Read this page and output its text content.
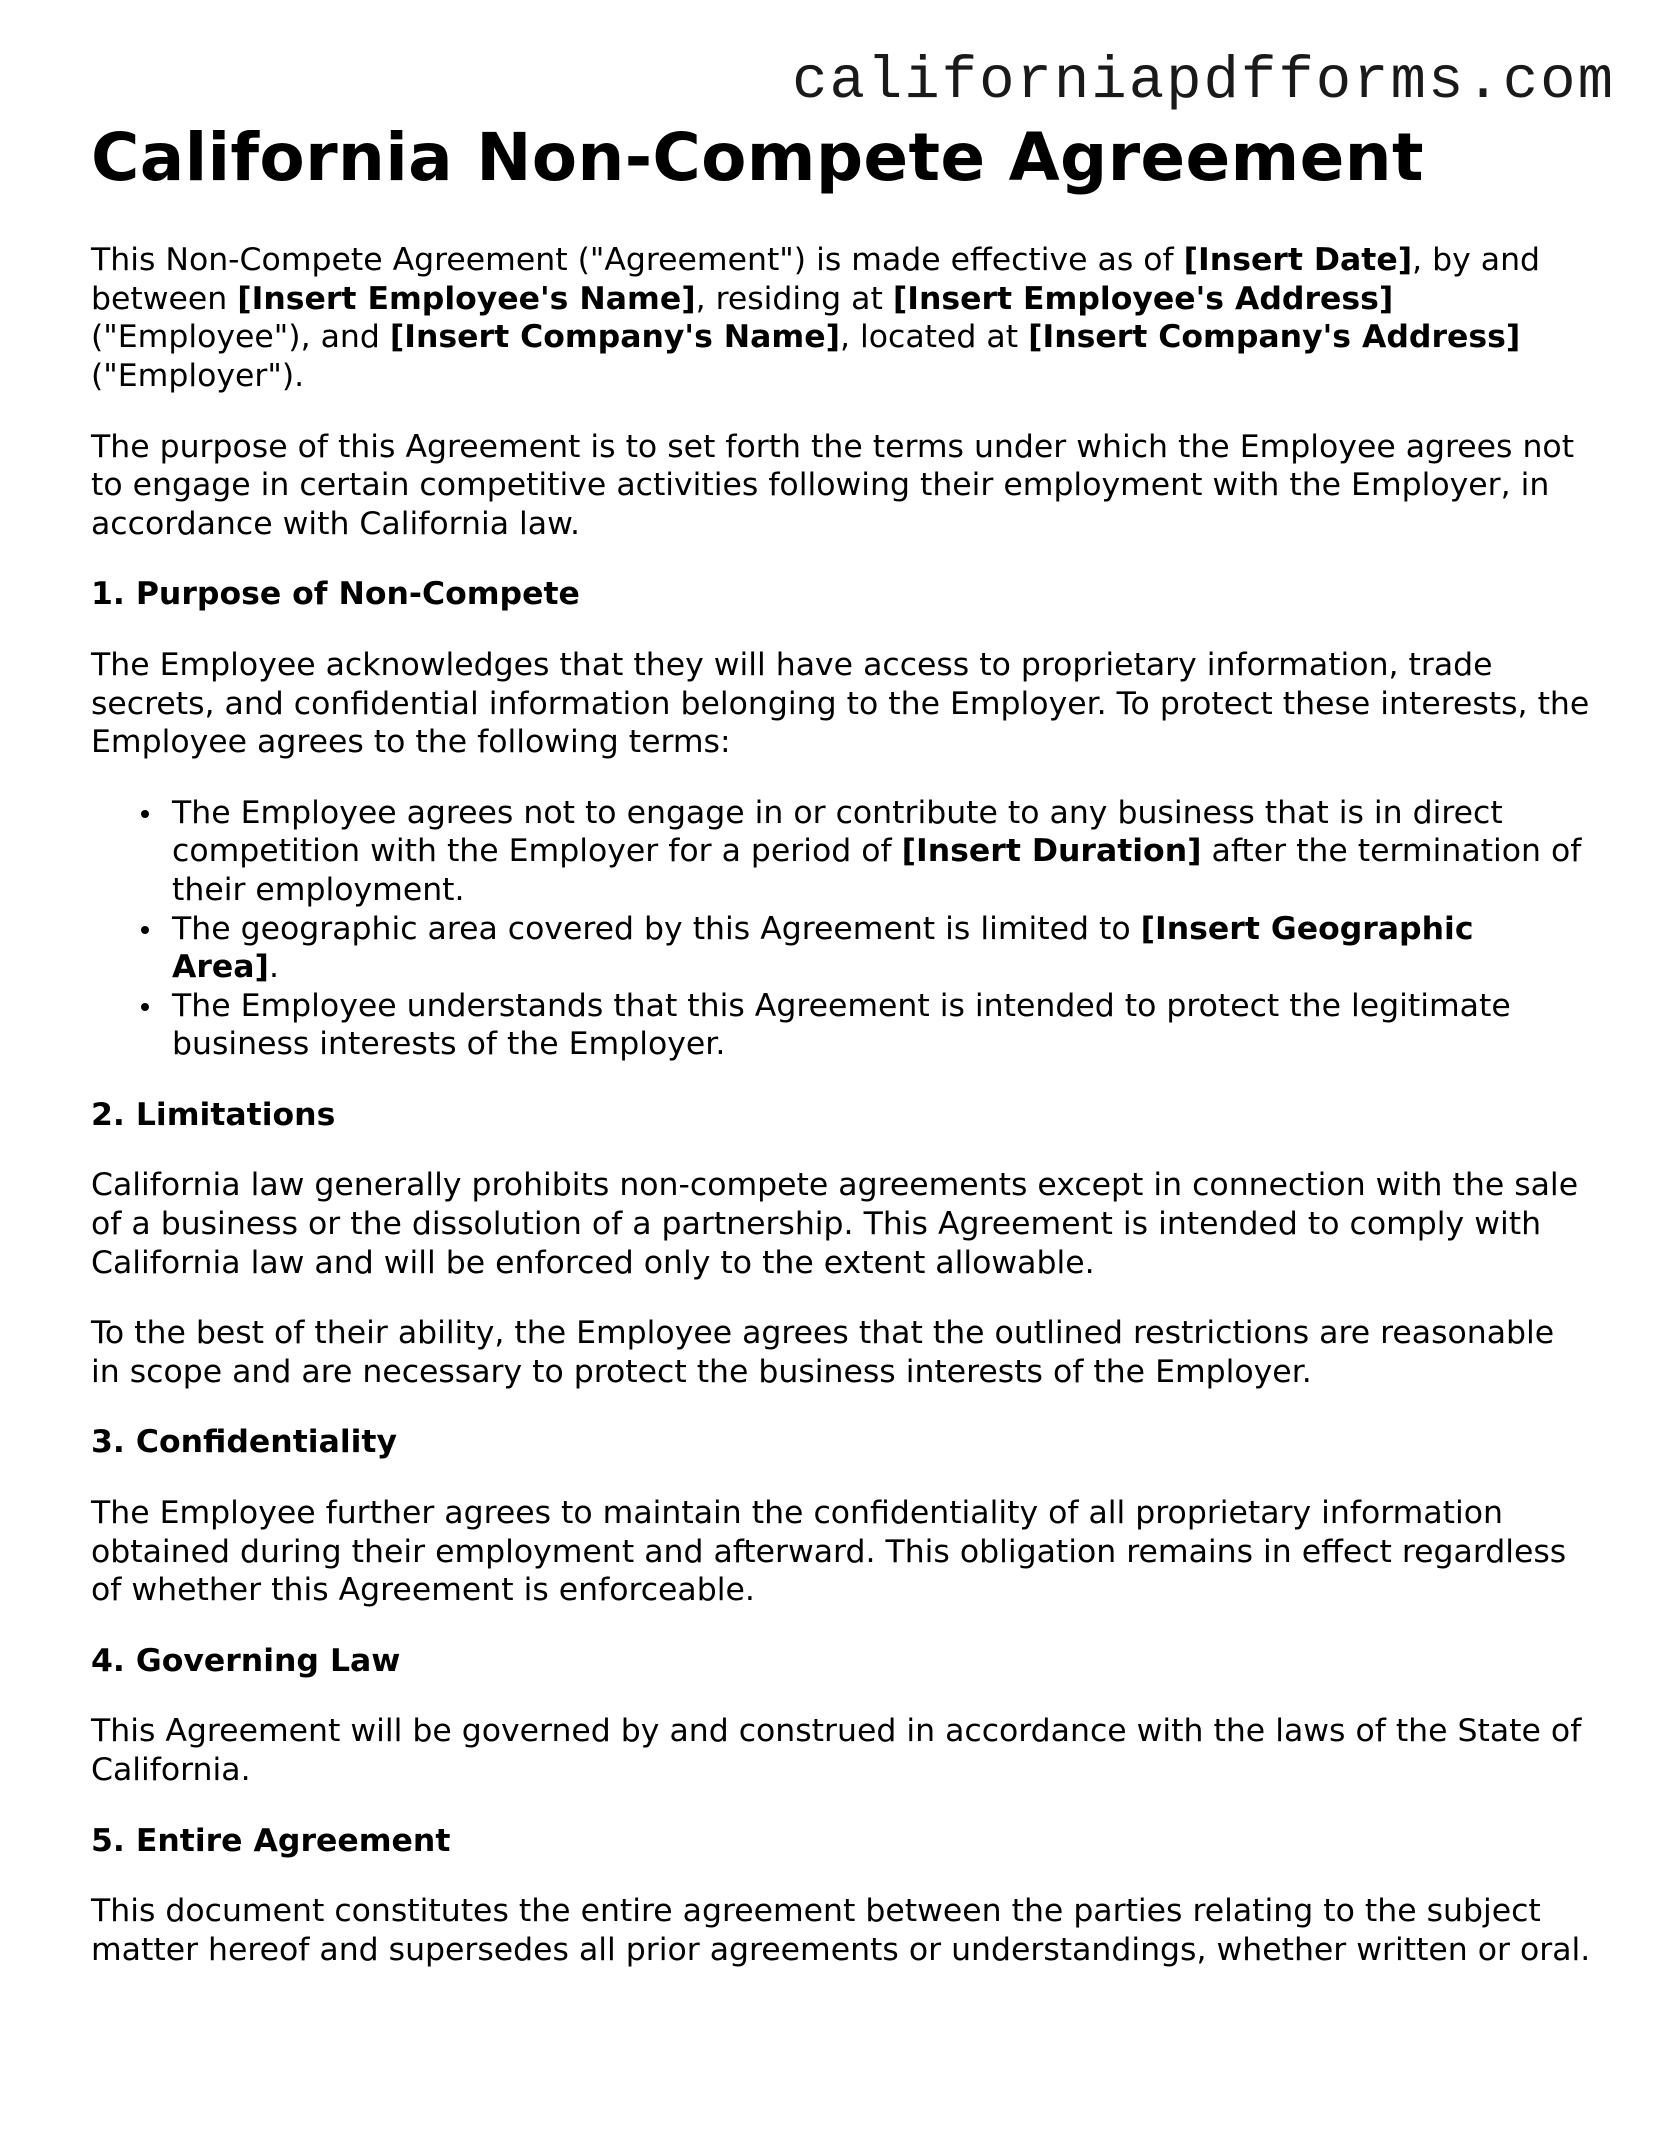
californiapdfforms.com
California Non-Compete Agreement

This Non-Compete Agreement ("Agreement") is made effective as of [Insert Date], by and between [Insert Employee's Name], residing at [Insert Employee's Address] ("Employee"), and [Insert Company's Name], located at [Insert Company's Address] ("Employer").

The purpose of this Agreement is to set forth the terms under which the Employee agrees not to engage in certain competitive activities following their employment with the Employer, in accordance with California law.

1. Purpose of Non-Compete

The Employee acknowledges that they will have access to proprietary information, trade secrets, and confidential information belonging to the Employer. To protect these interests, the Employee agrees to the following terms:

The Employee agrees not to engage in or contribute to any business that is in direct competition with the Employer for a period of [Insert Duration] after the termination of their employment.
The geographic area covered by this Agreement is limited to [Insert Geographic Area].
The Employee understands that this Agreement is intended to protect the legitimate business interests of the Employer.
2. Limitations

California law generally prohibits non-compete agreements except in connection with the sale of a business or the dissolution of a partnership. This Agreement is intended to comply with California law and will be enforced only to the extent allowable.

To the best of their ability, the Employee agrees that the outlined restrictions are reasonable in scope and are necessary to protect the business interests of the Employer.

3. Confidentiality

The Employee further agrees to maintain the confidentiality of all proprietary information obtained during their employment and afterward. This obligation remains in effect regardless of whether this Agreement is enforceable.

4. Governing Law

This Agreement will be governed by and construed in accordance with the laws of the State of California.

5. Entire Agreement

This document constitutes the entire agreement between the parties relating to the subject matter hereof and supersedes all prior agreements or understandings, whether written or oral.
